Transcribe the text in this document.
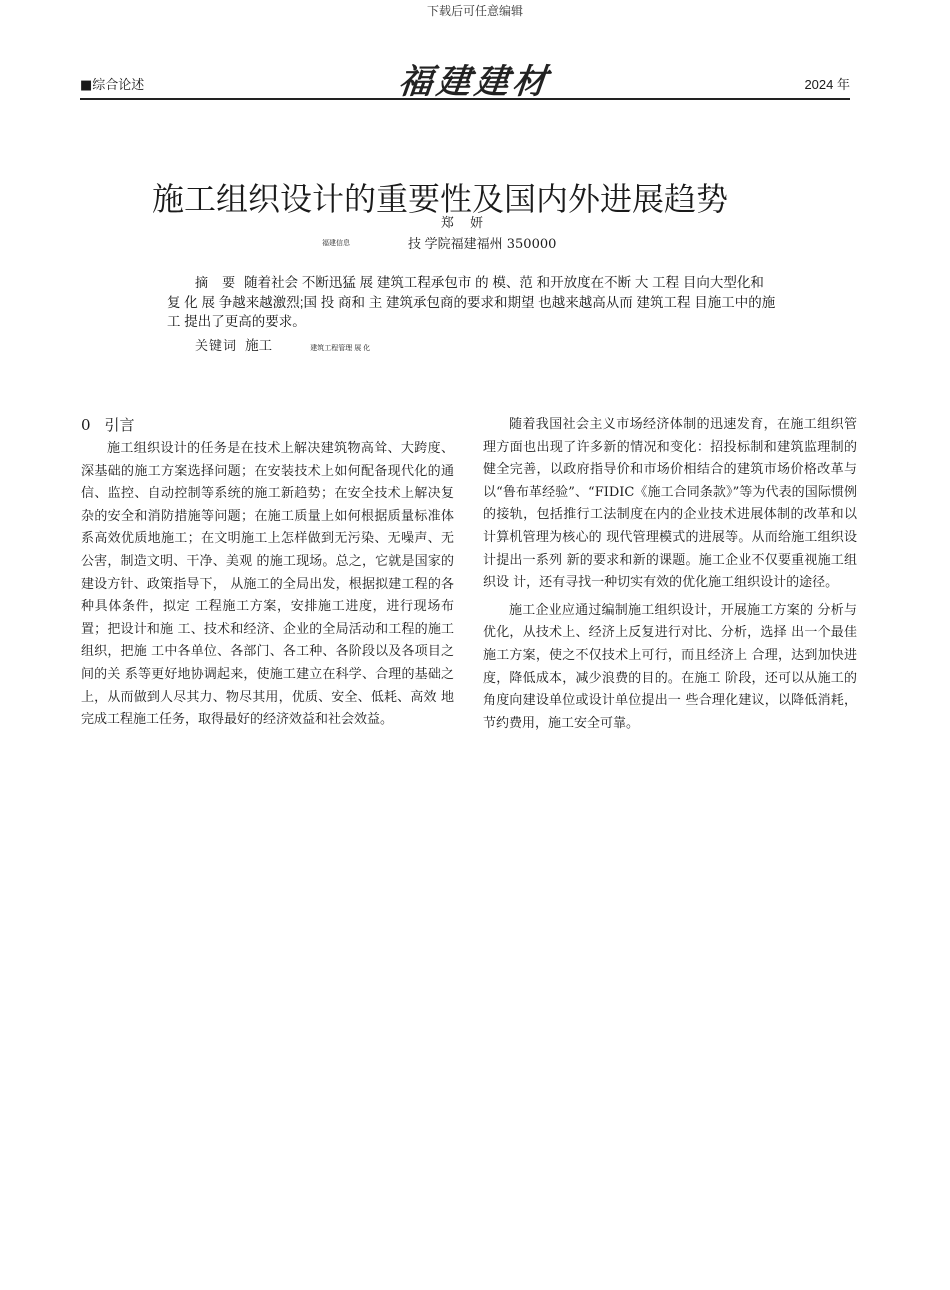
下载后可任意编辑
■综合论述	福建建材	2024 年
施工组织设计的重要性及国内外进展趋势
郑 妍
福建信息	技 学院福建福州 350000
摘 要 随着社会 不断迅猛 展 建筑工程承包市 的 模、范 和开放度在不断 大 工程 目向大型化和复 化 展 争越来越激烈;国 投 商和 主 建筑承包商的要求和期望 也越来越高从而 建筑工程 目施工中的施工 提出了更高的要求。
关键词 施工	建筑工程管理 展 化
0 引言

施工组织设计的任务是在技术上解决建筑物高耸、大跨度、深基础的施工方案选择问题；在安装技术上如何配备现代化的通信、监控、自动控制等系统的施工新趋势；在安全技术上解决复杂的安全和消防措施等问题；在施工质量上如何根据质量标准体系高效优质地施工；在文明施工上怎样做到无污染、无噪声、无公害，制造文明、干净、美观 的施工现场。总之，它就是国家的建设方针、政策指导下， 从施工的全局出发，根据拟建工程的各种具体条件，拟定 工程施工方案，安排施工进度，进行现场布置；把设计和施 工、技术和经济、企业的全局活动和工程的施工组织，把施 工中各单位、各部门、各工种、各阶段以及各项目之间的关 系等更好地协调起来，使施工建立在科学、合理的基础之 上，从而做到人尽其力、物尽其用，优质、安全、低耗、高效 地完成工程施工任务，取得最好的经济效益和社会效益。

随着我国社会主义市场经济体制的迅速发育，在施工组织管理方面也出现了许多新的情况和变化：招投标制和建筑监理制的健全完善，以政府指导价和市场价相结合的建筑市场价格改革与以“鲁布革经验”、“FIDIC《施工合同条款》”等为代表的国际惯例的接轨，包括推行工法制度在内的企业技术进展体制的改革和以计算机管理为核心的 现代管理模式的进展等。从而给施工组织设计提出一系列 新的要求和新的课题。施工企业不仅要重视施工组织设 计，还有寻找一种切实有效的优化施工组织设计的途径。

施工企业应通过编制施工组织设计，开展施工方案的 分析与优化，从技术上、经济上反复进行对比、分析，选择 出一个最佳施工方案，使之不仅技术上可行，而且经济上 合理，达到加快进度，降低成本，减少浪费的目的。在施工 阶段，还可以从施工的角度向建设单位或设计单位提出一 些合理化建议，以降低消耗，节约费用，施工安全可靠。
